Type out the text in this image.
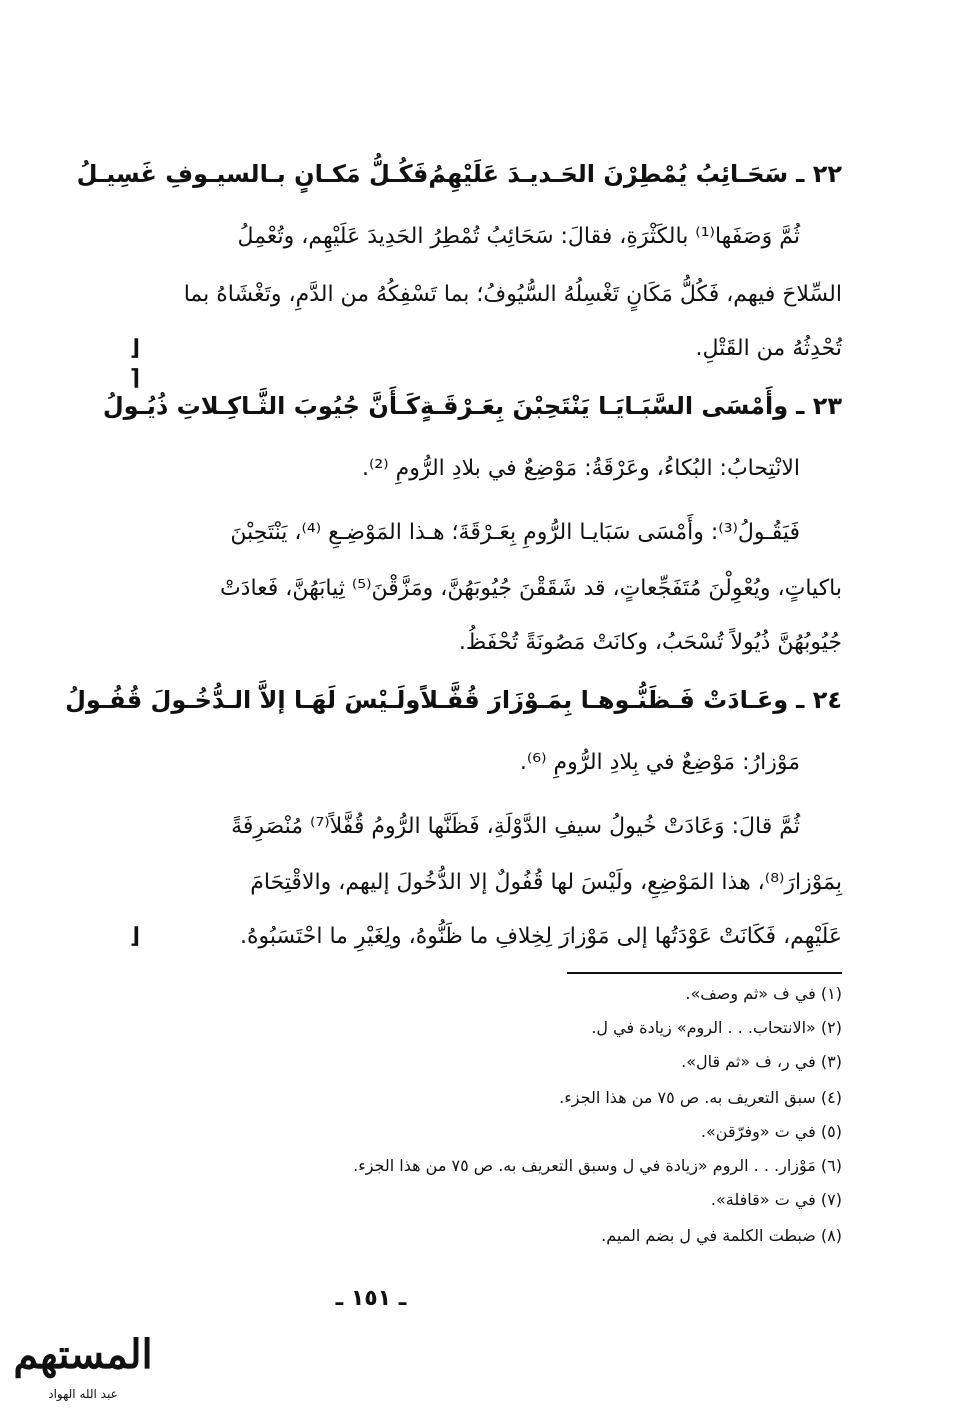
٢٢ ـ
سَحَـائِبُ يُمْطِرْنَ الحَـديـدَ عَلَيْهِمُ
فَكُـلُّ مَكـانٍ بـالسيـوفِ غَسِيـلُ
ثُمَّ وَصَفَها⁽¹⁾ بالكَثْرَةِ، فقالَ: سَحَائِبُ تُمْطِرُ الحَدِيدَ عَلَيْهِم، وتُعْمِلُ
السِّلاحَ فيهم، فَكُلُّ مَكَانٍ تَغْسِلُهُ السُّيُوفُ؛ بما تَسْفِكُهُ من الدَّمِ، وتَغْشَاهُ بما
تُحْدِثُهُ من القَتْلِ.
⌊
⌈
٢٣ ـ
وأَمْسَى السَّبَـايَـا يَنْتَحِبْنَ بِعَـرْقَـةٍ
كَـأَنَّ جُيُوبَ الثَّـاكِـلاتِ ذُيُـولُ
الانْتِحابُ: البُكاءُ، وعَرْقَةُ: مَوْضِعٌ في بلادِ الرُّومِ ⁽²⁾.
فَيَقُـولُ⁽³⁾: وأَمْسَى سَبَايـا الرُّومِ بِعَـرْقَةَ؛ هـذا المَوْضِـعِ ⁽⁴⁾، يَنْتَحِبْنَ
باكياتٍ، ويُعْوِلْنَ مُتَفَجِّعاتٍ، قد شَقَقْنَ جُيُوبَهُنَّ، ومَزَّقْنَ⁽⁵⁾ ثِيابَهُنَّ، فَعادَتْ
جُيُوبُهُنَّ ذُيُولاً تُسْحَبُ، وكانَتْ مَصُونَةً تُحْفَظُ.
٢٤ ـ
وعَـادَتْ فَـظَنُّـوهـا بِمَـوْزَارَ قُفَّـلاً
ولَـيْسَ لَهَـا إلاَّ الـدُّخُـولَ قُفُـولُ
مَوْزارُ: مَوْضِعٌ في بِلادِ الرُّومِ ⁽⁶⁾.
ثُمَّ قالَ: وَعَادَتْ خُيولُ سيفِ الدَّوْلَةِ، فَظَنَّها الرُّومُ قُفَّلاً⁽⁷⁾ مُنْصَرِفَةً
بِمَوْزارَ⁽⁸⁾، هذا المَوْضِعِ، ولَيْسَ لها قُفُولٌ إلا الدُّخُولَ إليهم، والاقْتِحَامَ
عَلَيْهِم، فَكَانَتْ عَوْدَتُها إلى مَوْزارَ لِخِلافِ ما ظَنُّوهُ، ولِغَيْرِ ما احْتَسَبُوهُ.
⌊
(١) في ف «ثم وصف».
(٢) «الانتحاب. . . الروم» زيادة في ل.
(٣) في ر، ف «ثم قال».
(٤) سبق التعريف به. ص ٧٥ من هذا الجزء.
(٥) في ت «وفرّقن».
(٦) مَوْزار. . . الروم «زيادة في ل وسبق التعريف به. ص ٧٥ من هذا الجزء.
(٧) في ت «قافلة».
(٨) ضبطت الكلمة في ل بضم الميم.
ـ ١٥١ ـ
المستهم
عبد الله الهواد
